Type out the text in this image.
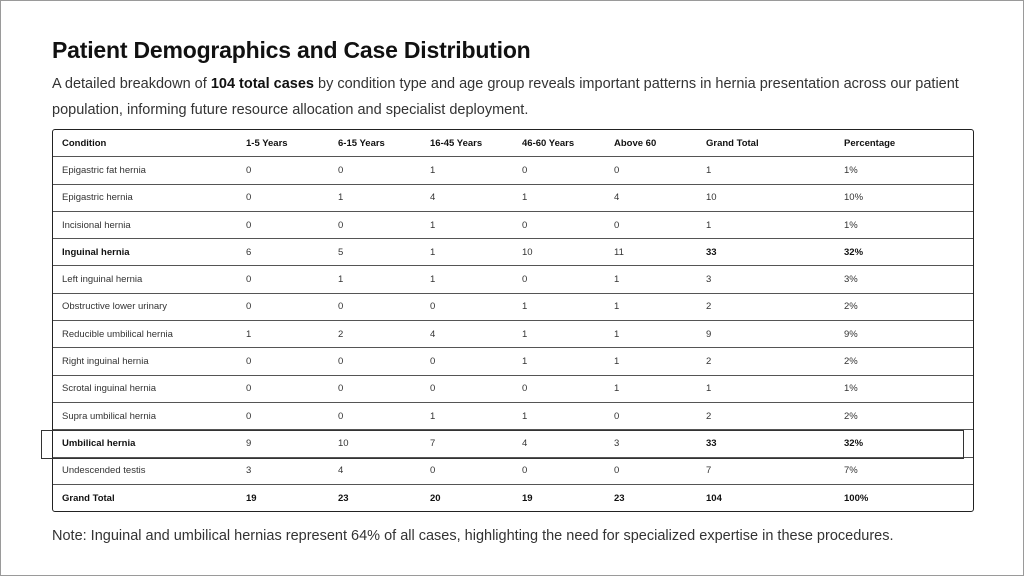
Patient Demographics and Case Distribution
A detailed breakdown of 104 total cases by condition type and age group reveals important patterns in hernia presentation across our patient population, informing future resource allocation and specialist deployment.
Condition	1-5 Years	6-15 Years	16-45 Years	46-60 Years	Above 60	Grand Total	Percentage
Epigastric fat hernia	0	0	1	0	0	1	1%
Epigastric hernia	0	1	4	1	4	10	10%
Incisional hernia	0	0	1	0	0	1	1%
Inguinal hernia	6	5	1	10	11	33	32%
Left inguinal hernia	0	1	1	0	1	3	3%
Obstructive lower urinary	0	0	0	1	1	2	2%
Reducible umbilical hernia	1	2	4	1	1	9	9%
Right inguinal hernia	0	0	0	1	1	2	2%
Scrotal inguinal hernia	0	0	0	0	1	1	1%
Supra umbilical hernia	0	0	1	1	0	2	2%
Umbilical hernia	9	10	7	4	3	33	32%
Undescended testis	3	4	0	0	0	7	7%
Grand Total	19	23	20	19	23	104	100%
Note: Inguinal and umbilical hernias represent 64% of all cases, highlighting the need for specialized expertise in these procedures.
